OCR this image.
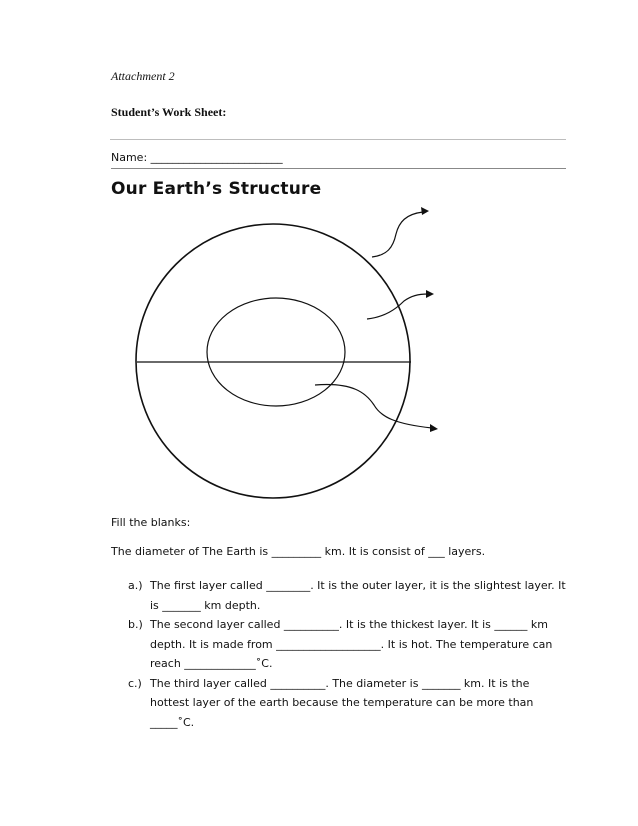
Attachment 2
Student’s Work Sheet:
Name: ________________________
Our Earth’s Structure
Fill the blanks:
The diameter of The Earth is _________ km. It is consist of ___ layers.
a.) The first layer called ________. It is the outer layer, it is the slightest layer. It is _______ km depth.
b.) The second layer called __________. It is the thickest layer. It is ______ km depth. It is made from ___________________. It is hot. The temperature can reach _____________˚C.
c.) The third layer called __________. The diameter is _______ km. It is the hottest layer of the earth because the temperature can be more than _____˚C.
